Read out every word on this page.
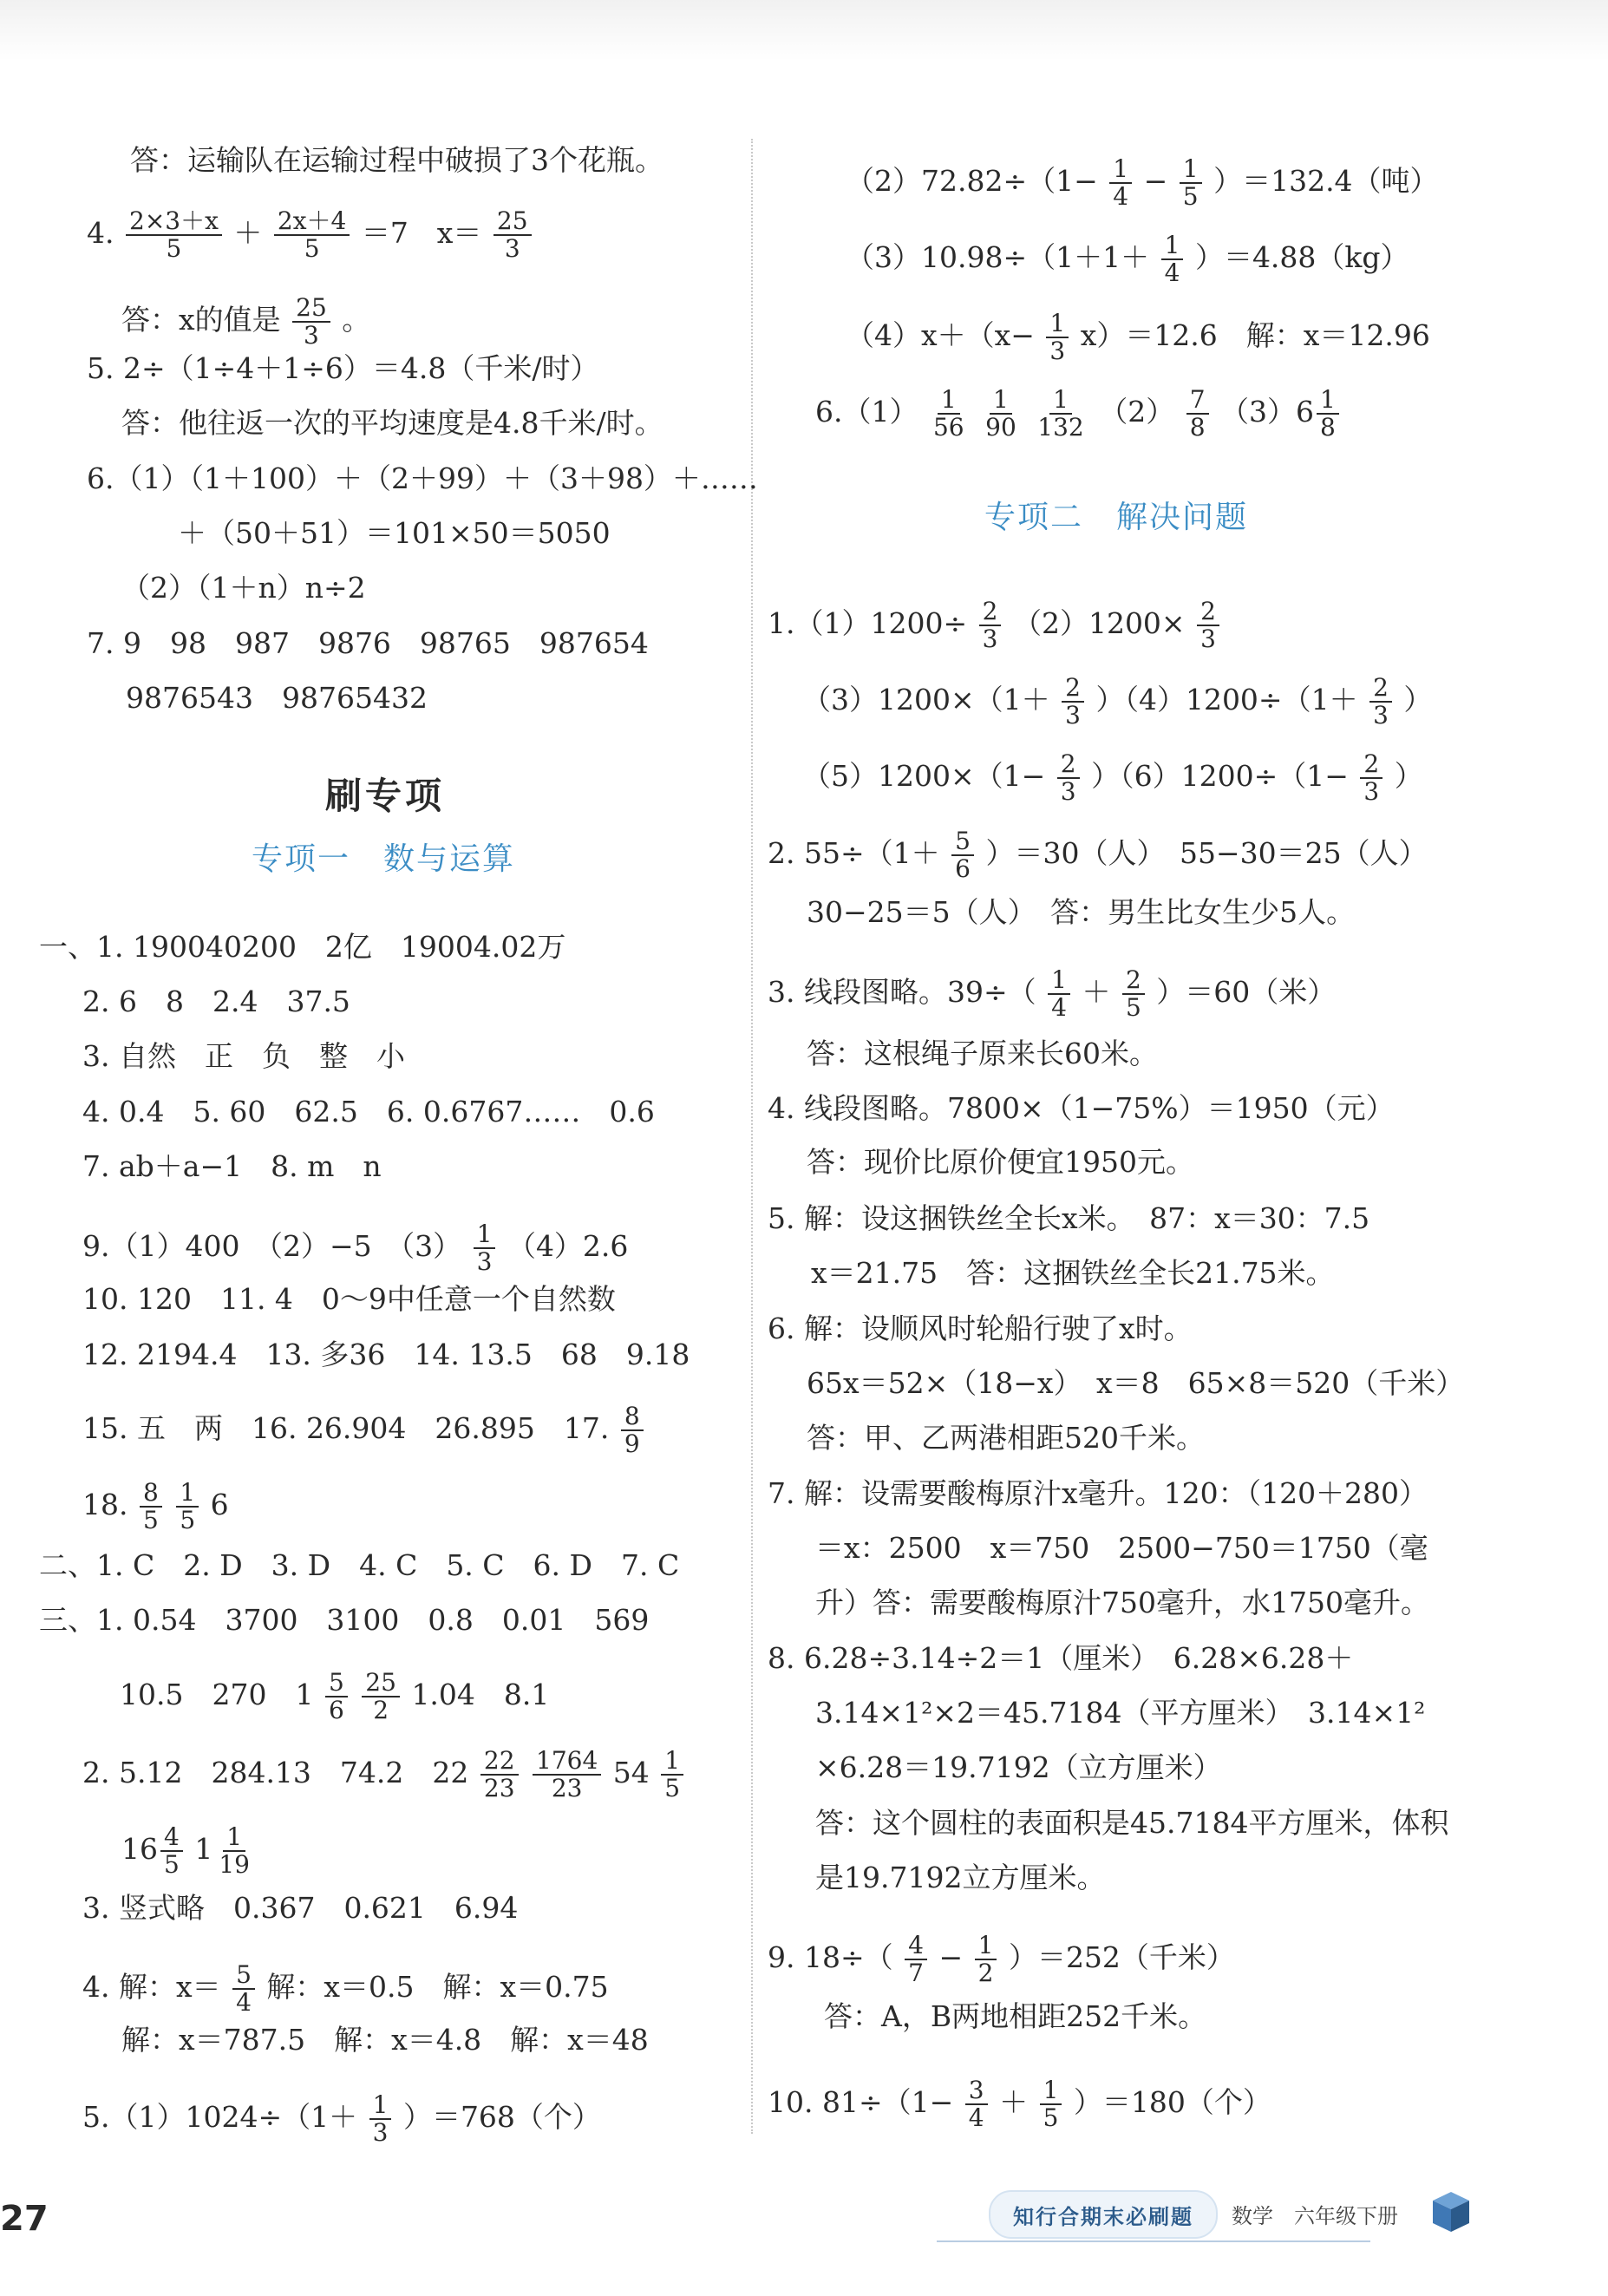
答：运输队在运输过程中破损了3个花瓶。
4. $\frac{2\times 3+x}{5} + \frac{2x+4}{5} =7$　$x= \frac{25}{3}$
答：x的值是 $\frac{25}{3}$ 。
5. 2÷（1÷4＋1÷6）＝4.8（千米/时）
答：他往返一次的平均速度是4.8千米/时。
6.（1）（1＋100）＋（2＋99）＋（3＋98）＋……
＋（50＋51）＝101×50＝5050
（2）（1＋n）n÷2
7. 9　98　987　9876　98765　987654
9876543　98765432
刷专项
专项一　数与运算
一、1. 190040200　2亿　19004.02万
2. 6　8　2.4　37.5
3. 自然　正　负　整　小
4. 0.4　5. 60　62.5　6. 0.6767……　0.6
7. ab＋a−1　8. m　n
9.（1）400　（2）−5　$(3) \frac{1}{3} (4)2.6$
10. 120　11. 4　0～9中任意一个自然数
12. 2194.4　13. 多36　14. 13.5　68　9.18
15. 五　两　16. 26.904　26.895　17. $\frac{8}{9}$
18. $\frac{8}{5}$
$\frac{1}{5} 6$
二、1. C　2. D　3. D　4. C　5. C　6. D　7. C
三、1. 0.54　3700　3100　0.8　0.01　569
10.5　270　$1 \frac{5}{6}$
$\frac{25}{2} 1.04$　8.1
2. 5.12　284.13　74.2　$22 \frac{22}{23}$
$\frac{1764}{23} 54 \frac{1}{5}$
$16 \frac{4}{5} 1 \frac{1}{19}$
3. 竖式略　0.367　0.621　6.94̇
4. 解：$x= \frac{5}{4}$ 解：x＝0.5　解：x＝0.75
解：x＝787.5　解：x＝4.8　解：x＝48
$5.(1)1024\div(1+ \frac{1}{3} )=768$（个）
$(2)72.82\div(1- \frac{1}{4} - \frac{1}{5} )=132.4$（吨）
$(3)10.98\div(1+1+ \frac{1}{4} )=4.88(kg)$
$(4)x+(x- \frac{1}{3} x)=12.6$　解：x＝12.96
$6.(1) \frac{1}{56}$
$\frac{1}{90}$
$\frac{1}{132} (2) \frac{7}{8} (3)6 \frac{1}{8}$
专项二　解决问题
$1.(1)1200\div \frac{2}{3} (2)1200\times \frac{2}{3}$
$(3)1200\times(1+ \frac{2}{3} )(4)1200\div(1+ \frac{2}{3}$ ）
$(5)1200\times(1- \frac{2}{3} )(6)1200\div(1- \frac{2}{3}$ ）
2. $55\div(1+ \frac{5}{6} )=30$（人）　55−30＝25（人）
30−25＝5（人）　答：男生比女生少5人。
3. 线段图略。$39\div( \frac{1}{4} + \frac{2}{5} )=60$（米）
答：这根绳子原来长60米。
4. 线段图略。7800×（1−75%）＝1950（元）
答：现价比原价便宜1950元。
5. 解：设这捆铁丝全长x米。　87：x＝30：7.5
x＝21.75　答：这捆铁丝全长21.75米。
6. 解：设顺风时轮船行驶了x时。
65x＝52×（18−x）　x＝8　65×8＝520（千米）
答：甲、乙两港相距520千米。
7. 解：设需要酸梅原汁x毫升。120：（120＋280）
＝x：2500　x＝750　2500−750＝1750（毫
升）答：需要酸梅原汁750毫升，水1750毫升。
8. 6.28÷3.14÷2＝1（厘米）　6.28×6.28＋
3.14×1²×2＝45.7184（平方厘米）　3.14×1²
×6.28＝19.7192（立方厘米）
答：这个圆柱的表面积是45.7184平方厘米，体积
是19.7192立方厘米。
9. $18\div( \frac{4}{7} - \frac{1}{2} )=252$（千米）
答：A，B两地相距252千米。
10. $81\div(1- \frac{3}{4} + \frac{1}{5} )=180$（个）
27	知行合期末必刷题	数学　六年级下册
